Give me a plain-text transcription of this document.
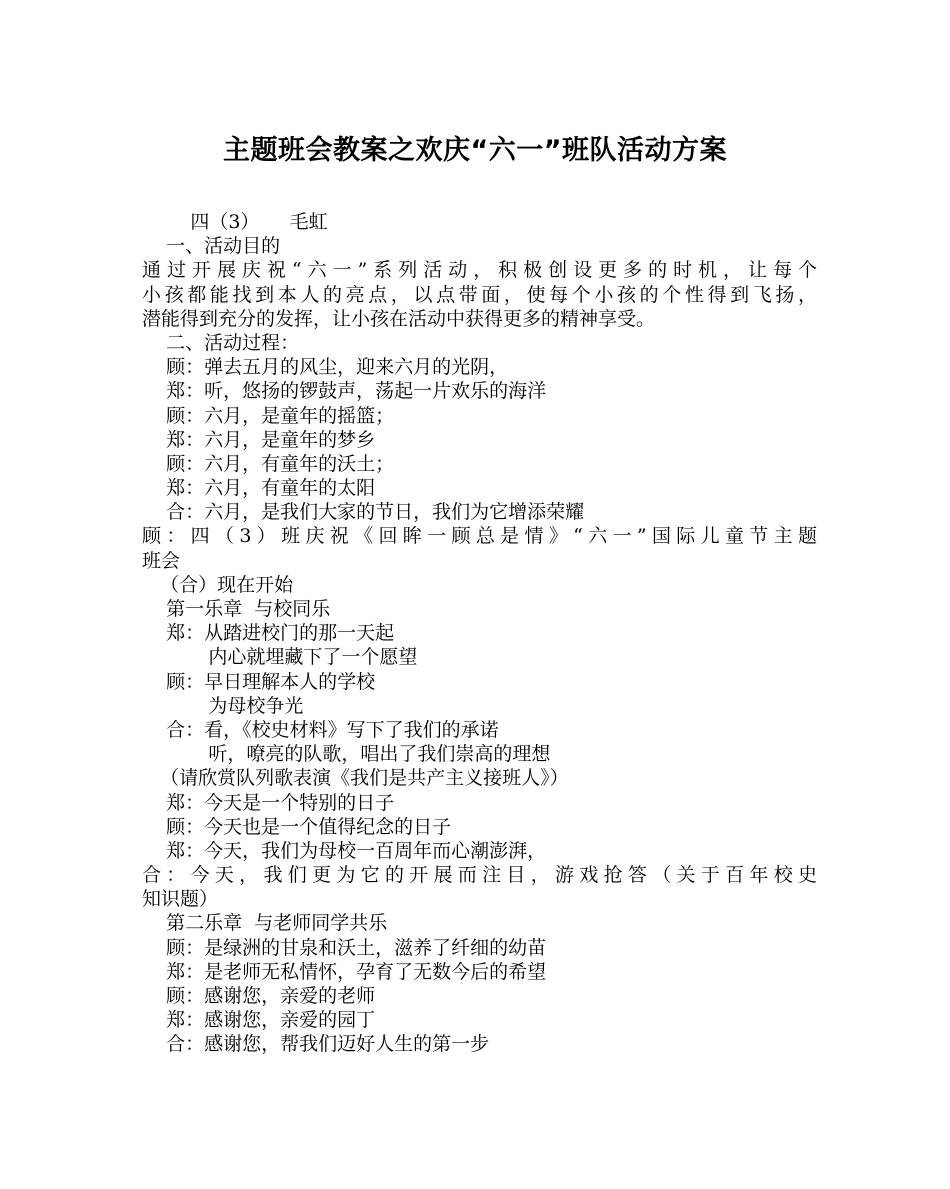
主题班会教案之欢庆“六一”班队活动方案
四（3）     毛虹
一、活动目的
通过开展庆祝“六一”系列活动，积极创设更多的时机，让每个
小孩都能找到本人的亮点，以点带面，使每个小孩的个性得到飞扬，
潜能得到充分的发挥，让小孩在活动中获得更多的精神享受。
二、活动过程：
顾：弹去五月的风尘，迎来六月的光阴，
郑：听，悠扬的锣鼓声，荡起一片欢乐的海洋
顾：六月，是童年的摇篮；
郑：六月，是童年的梦乡
顾：六月，有童年的沃土；
郑：六月，有童年的太阳
合：六月，是我们大家的节日，我们为它增添荣耀
顾：四（3）班庆祝《回眸一顾总是情》“六一”国际儿童节主题
班会
（合）现在开始
第一乐章  与校同乐
郑：从踏进校门的那一天起
内心就埋藏下了一个愿望
顾：早日理解本人的学校
为母校争光
合：看，《校史材料》写下了我们的承诺
听，嘹亮的队歌，唱出了我们崇高的理想
（请欣赏队列歌表演《我们是共产主义接班人》）
郑：今天是一个特别的日子
顾：今天也是一个值得纪念的日子
郑：今天，我们为母校一百周年而心潮澎湃，
合：今天，我们更为它的开展而注目，游戏抢答（关于百年校史
知识题）
第二乐章  与老师同学共乐
顾：是绿洲的甘泉和沃土，滋养了纤细的幼苗
郑：是老师无私情怀，孕育了无数今后的希望
顾：感谢您，亲爱的老师
郑：感谢您，亲爱的园丁
合：感谢您，帮我们迈好人生的第一步
